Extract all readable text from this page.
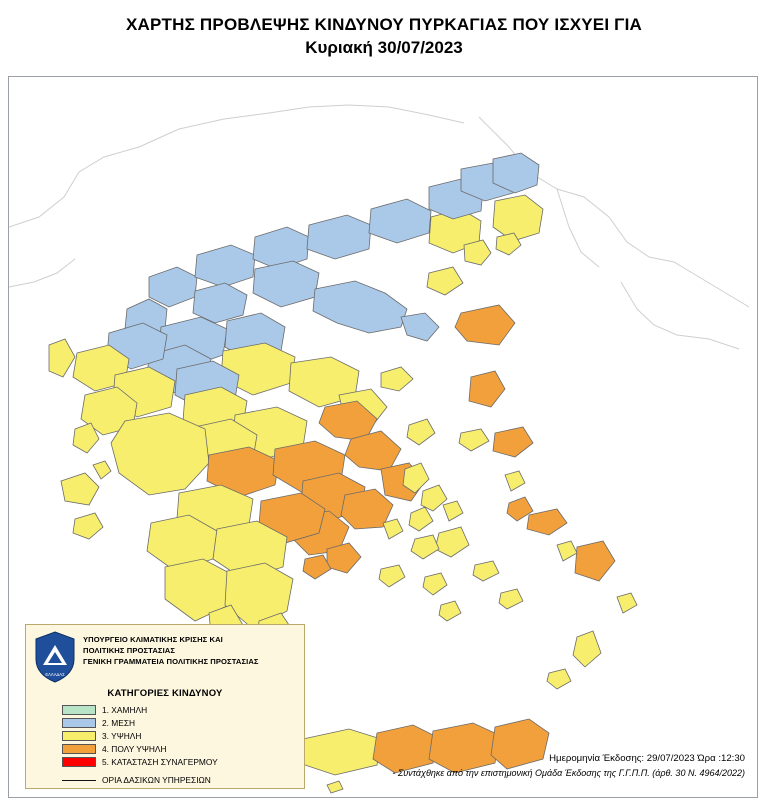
ΧΑΡΤΗΣ ΠΡΟΒΛΕΨΗΣ ΚΙΝΔΥΝΟΥ ΠΥΡΚΑΓΙΑΣ ΠΟΥ ΙΣΧΥΕΙ ΓΙΑ
Κυριακή 30/07/2023
ΕΛΛΑΔΑΣ
ΥΠΟΥΡΓΕΙΟ ΚΛΙΜΑΤΙΚΗΣ ΚΡΙΣΗΣ ΚΑΙ
ΠΟΛΙΤΙΚΗΣ ΠΡΟΣΤΑΣΙΑΣ
ΓΕΝΙΚΗ ΓΡΑΜΜΑΤΕΙΑ ΠΟΛΙΤΙΚΗΣ ΠΡΟΣΤΑΣΙΑΣ
ΚΑΤΗΓΟΡΙΕΣ ΚΙΝΔΥΝΟΥ
1. ΧΑΜΗΛΗ
2. ΜΕΣΗ
3. ΥΨΗΛΗ
4. ΠΟΛΥ ΥΨΗΛΗ
5. ΚΑΤΑΣΤΑΣΗ ΣΥΝΑΓΕΡΜΟΥ
ΟΡΙΑ ΔΑΣΙΚΩΝ ΥΠΗΡΕΣΙΩΝ
Ημερομηνία Έκδοσης: 29/07/2023 Ώρα :12:30
- Συντάχθηκε από την επιστημονική Ομάδα Έκδοσης της Γ.Γ.Π.Π. (άρθ. 30 Ν. 4964/2022)
